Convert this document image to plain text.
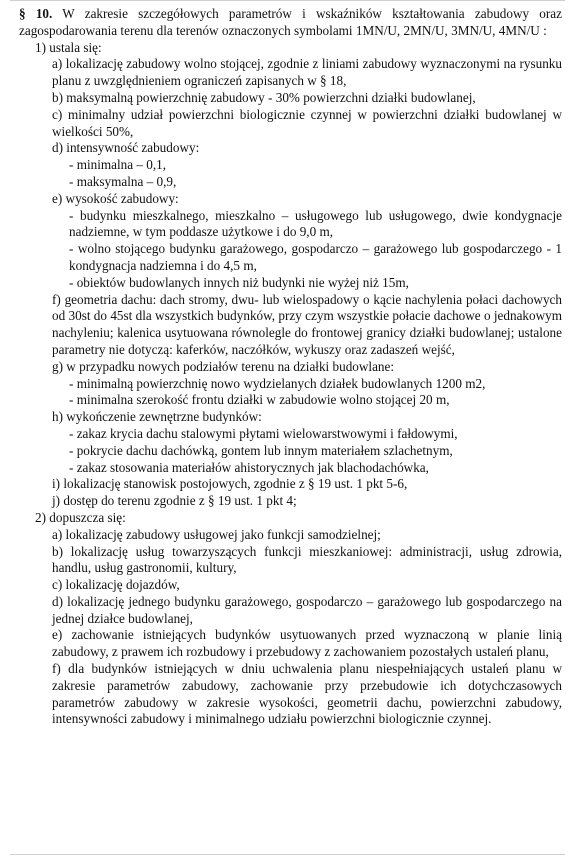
§ 10. W zakresie szczegółowych parametrów i wskaźników kształtowania zabudowy oraz zagospodarowania terenu dla terenów oznaczonych symbolami 1MN/U, 2MN/U, 3MN/U, 4MN/U :

1) ustala się:

a) lokalizację zabudowy wolno stojącej, zgodnie z liniami zabudowy wyznaczonymi na rysunku planu z uwzględnieniem ograniczeń zapisanych w § 18,

b) maksymalną powierzchnię zabudowy - 30% powierzchni działki budowlanej,

c) minimalny udział powierzchni biologicznie czynnej w powierzchni działki budowlanej w wielkości 50%,

d) intensywność zabudowy:

- minimalna – 0,1,

- maksymalna – 0,9,

e) wysokość zabudowy:

- budynku mieszkalnego, mieszkalno – usługowego lub usługowego, dwie kondygnacje nadziemne, w tym poddasze użytkowe i do 9,0 m,

- wolno stojącego budynku garażowego, gospodarczo – garażowego lub gospodarczego - 1 kondygnacja nadziemna i do 4,5 m,

- obiektów budowlanych innych niż budynki nie wyżej niż 15m,

f) geometria dachu: dach stromy, dwu- lub wielospadowy o kącie nachylenia połaci dachowych od 30st do 45st dla wszystkich budynków, przy czym wszystkie połacie dachowe o jednakowym nachyleniu; kalenica usytuowana równolegle do frontowej granicy działki budowlanej; ustalone parametry nie dotyczą: kaferków, naczółków, wykuszy oraz zadaszeń wejść,

g) w przypadku nowych podziałów terenu na działki budowlane:

- minimalną powierzchnię nowo wydzielanych działek budowlanych 1200 m2,

- minimalna szerokość frontu działki w zabudowie wolno stojącej 20 m,

h) wykończenie zewnętrzne budynków:

- zakaz krycia dachu stalowymi płytami wielowarstwowymi i fałdowymi,

- pokrycie dachu dachówką, gontem lub innym materiałem szlachetnym,

- zakaz stosowania materiałów ahistorycznych jak blachodachówka,

i) lokalizację stanowisk postojowych, zgodnie z § 19 ust. 1 pkt 5-6,

j) dostęp do terenu zgodnie z § 19 ust. 1 pkt 4;

2) dopuszcza się:

a) lokalizację zabudowy usługowej jako funkcji samodzielnej;

b) lokalizację usług towarzyszących funkcji mieszkaniowej: administracji, usług zdrowia, handlu, usług gastronomii, kultury,

c) lokalizację dojazdów,

d) lokalizację jednego budynku garażowego, gospodarczo – garażowego lub gospodarczego na jednej działce budowlanej,

e) zachowanie istniejących budynków usytuowanych przed wyznaczoną w planie linią zabudowy, z prawem ich rozbudowy i przebudowy z zachowaniem pozostałych ustaleń planu,

f) dla budynków istniejących w dniu uchwalenia planu niespełniających ustaleń planu w zakresie parametrów zabudowy, zachowanie przy przebudowie ich dotychczasowych parametrów zabudowy w zakresie wysokości, geometrii dachu, powierzchni zabudowy, intensywności zabudowy i minimalnego udziału powierzchni biologicznie czynnej.
